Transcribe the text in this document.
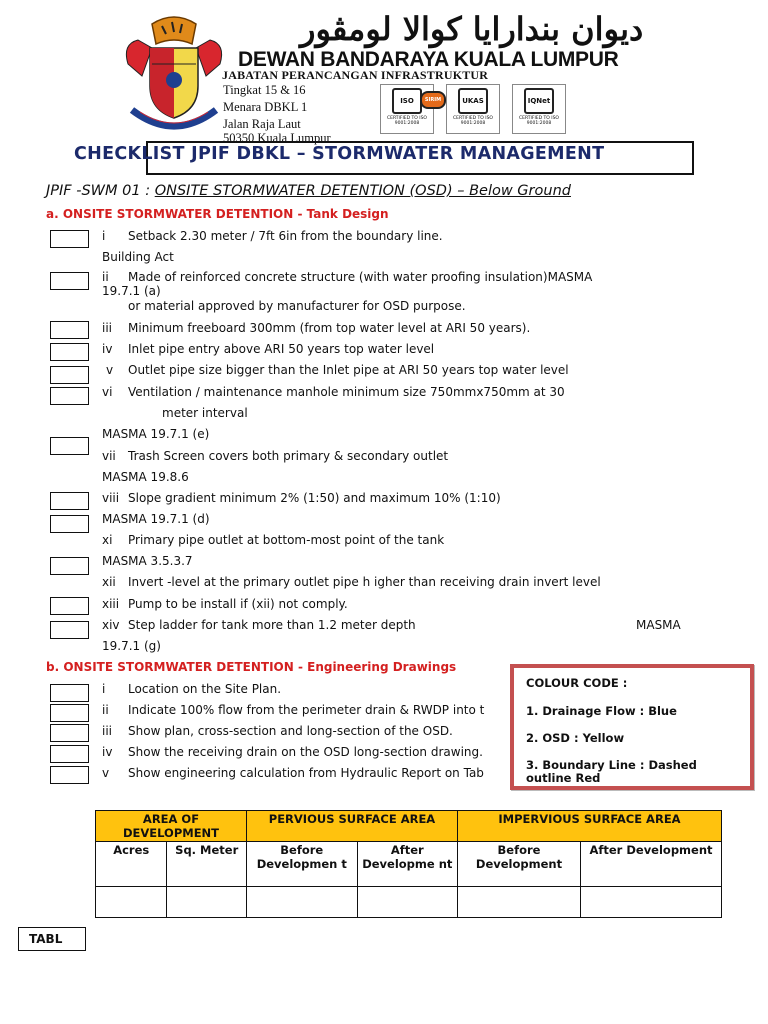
ديوان بندارايا كوالا لومڤور
DEWAN BANDARAYA KUALA LUMPUR
JABATAN PERANCANGAN INFRASTRUKTUR
Tingkat 15 & 16
Menara DBKL 1
Jalan Raja Laut
50350 Kuala Lumpur
ISO
CERTIFIED TO ISO 9001:2008
SIRIM	UKAS
CERTIFIED TO ISO 9001:2008
IQNet
CERTIFIED TO ISO 9001:2008
CHECKLIST JPIF DBKL – STORMWATER MANAGEMENT
JPIF -SWM 01 : ONSITE STORMWATER DETENTION (OSD) – Below Ground
a. ONSITE STORMWATER DETENTION - Tank Design
i Setback 2.30 meter / 7ft 6in from the boundary line.
Building Act
ii Made of reinforced concrete structure (with water proofing insulation)MASMA
19.7.1 (a)
or material approved by manufacturer for OSD purpose.
iii Minimum freeboard 300mm (from top water level at ARI 50 years).
iv Inlet pipe entry above ARI 50 years top water level
v Outlet pipe size bigger than the Inlet pipe at ARI 50 years top water level
vi Ventilation / maintenance manhole minimum size 750mmx750mm at 30
meter interval
MASMA 19.7.1 (e)
vii Trash Screen covers both primary & secondary outlet
MASMA 19.8.6
viii Slope gradient minimum 2% (1:50) and maximum 10% (1:10)
MASMA 19.7.1 (d)
xi Primary pipe outlet at bottom-most point of the tank
MASMA 3.5.3.7
xii Invert -level at the primary outlet pipe h igher than receiving drain invert level
xiii Pump to be install if (xii) not comply.
xiv Step ladder for tank more than 1.2 meter depth	MASMA
19.7.1 (g)
b. ONSITE STORMWATER DETENTION - Engineering Drawings
i Location on the Site Plan.
ii Indicate 100% flow from the perimeter drain & RWDP into t
iii Show plan, cross-section and long-section of the OSD.
iv Show the receiving drain on the OSD long-section drawing.
v Show engineering calculation from Hydraulic Report on Tab
COLOUR CODE :
1. Drainage Flow : Blue
2. OSD : Yellow
3. Boundary Line : Dashed
outline Red
AREA OF DEVELOPMENT		PERVIOUS SURFACE AREA		IMPERVIOUS SURFACE AREA	
Acres	Sq. Meter	Before Developmen t	After Developme nt	Before Development	After Development

TABL
